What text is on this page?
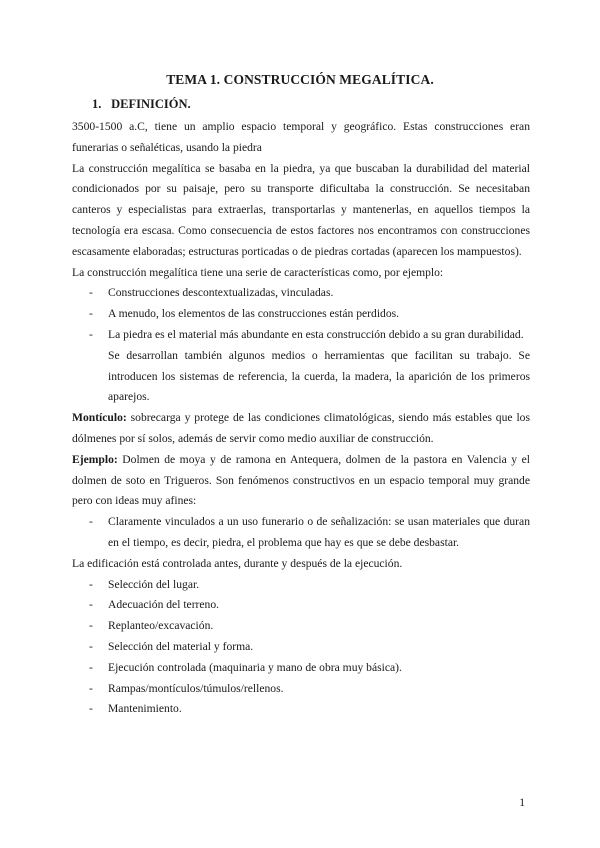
TEMA 1. CONSTRUCCIÓN MEGALÍTICA.
1. DEFINICIÓN.

3500-1500 a.C, tiene un amplio espacio temporal y geográfico. Estas construcciones eran funerarias o señaléticas, usando la piedra

La construcción megalítica se basaba en la piedra, ya que buscaban la durabilidad del material condicionados por su paisaje, pero su transporte dificultaba la construcción. Se necesitaban canteros y especialistas para extraerlas, transportarlas y mantenerlas, en aquellos tiempos la tecnología era escasa. Como consecuencia de estos factores nos encontramos con construcciones escasamente elaboradas; estructuras porticadas o de piedras cortadas (aparecen los mampuestos).

La construcción megalítica tiene una serie de características como, por ejemplo:

- Construcciones descontextualizadas, vinculadas.
- A menudo, los elementos de las construcciones están perdidos.
- La piedra es el material más abundante en esta construcción debido a su gran durabilidad.

Se desarrollan también algunos medios o herramientas que facilitan su trabajo. Se introducen los sistemas de referencia, la cuerda, la madera, la aparición de los primeros aparejos.

Montículo: sobrecarga y protege de las condiciones climatológicas, siendo más estables que los dólmenes por sí solos, además de servir como medio auxiliar de construcción.

Ejemplo: Dolmen de moya y de ramona en Antequera, dolmen de la pastora en Valencia y el dolmen de soto en Trigueros. Son fenómenos constructivos en un espacio temporal muy grande pero con ideas muy afines:

- Claramente vinculados a un uso funerario o de señalización: se usan materiales que duran en el tiempo, es decir, piedra, el problema que hay es que se debe desbastar.

La edificación está controlada antes, durante y después de la ejecución.

- Selección del lugar.
- Adecuación del terreno.
- Replanteo/excavación.
- Selección del material y forma.
- Ejecución controlada (maquinaria y mano de obra muy básica).
- Rampas/montículos/túmulos/rellenos.
- Mantenimiento.
1
